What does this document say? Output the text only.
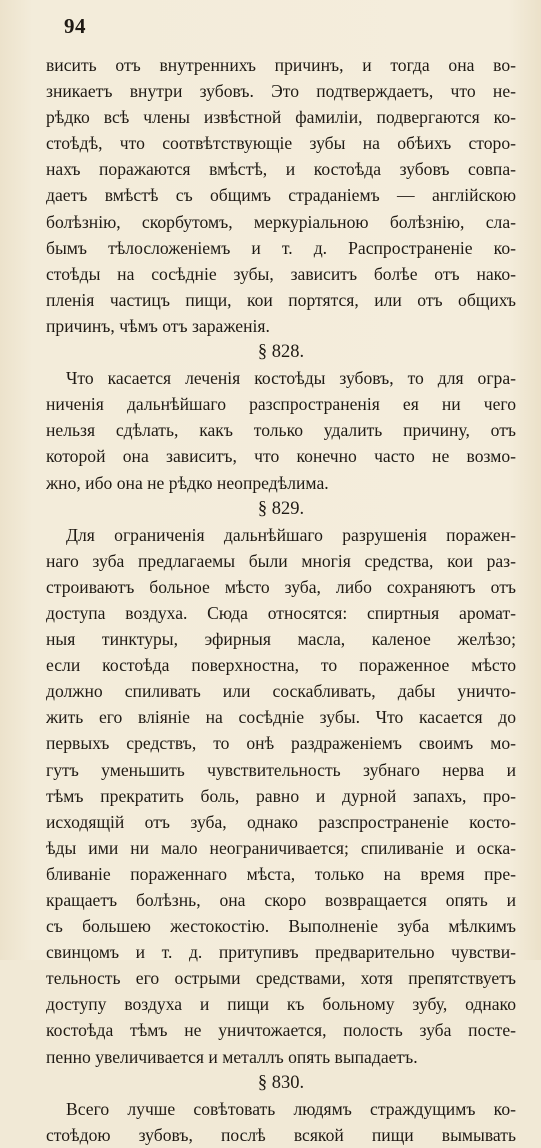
94
висить отъ внутреннихъ причинъ, и тогда она во-
зникаетъ внутри зубовъ. Это подтверждаетъ, что не-
рѣдко всѣ члены извѣстной фамиліи, подвергаются ко-
стоѣдѣ, что соотвѣтствующіе зубы на обѣихъ сторо-
нахъ поражаются вмѣстѣ, и костоѣда зубовъ совпа-
даетъ вмѣстѣ съ общимъ страданіемъ — англійскою
болѣзнію, скорбутомъ, меркуріальною болѣзнію, сла-
бымъ тѣлосложеніемъ и т. д. Распространеніе ко-
стоѣды на сосѣдніе зубы, зависитъ болѣе отъ нако-
пленія частицъ пищи, кои портятся, или отъ общихъ
причинъ, чѣмъ отъ зараженія.
§ 828.
Что касается леченія костоѣды зубовъ, то для огра-
ниченія дальнѣйшаго разспространенія ея ни чего
нельзя сдѣлать, какъ только удалить причину, отъ
которой она зависитъ, что конечно часто не возмо-
жно, ибо она не рѣдко неопредѣлима.
§ 829.
Для ограниченія дальнѣйшаго разрушенія поражен-
наго зуба предлагаемы были многія средства, кои раз-
строиваютъ больное мѣсто зуба, либо сохраняютъ отъ
доступа воздуха. Сюда относятся: спиртныя аромат-
ныя тинктуры, эфирныя масла, каленое желѣзо;
если костоѣда поверхностна, то пораженное мѣсто
должно спиливать или соскабливать, дабы уничто-
жить его вліяніе на сосѣдніе зубы. Что касается до
первыхъ средствъ, то онѣ раздраженіемъ своимъ мо-
гутъ уменьшить чувствительность зубнаго нерва и
тѣмъ прекратить боль, равно и дурной запахъ, про-
исходящій отъ зуба, однако разспространеніе косто-
ѣды ими ни мало неограничивается; спиливаніе и оска-
бливаніе пораженнаго мѣста, только на время пре-
кращаетъ болѣзнь, она скоро возвращается опять и
съ большею жестокостію. Выполненіе зуба мѣлкимъ
свинцомъ и т. д. притупивъ предварительно чувстви-
тельность его острыми средствами, хотя препятствуетъ
доступу воздуха и пищи къ больному зубу, однако
костоѣда тѣмъ не уничтожается, полость зуба посте-
пенно увеличивается и металлъ опять выпадаетъ.
§ 830.
Всего лучше совѣтовать людямъ страждущимъ ко-
стоѣдою зубовъ, послѣ всякой пищи вымывать
